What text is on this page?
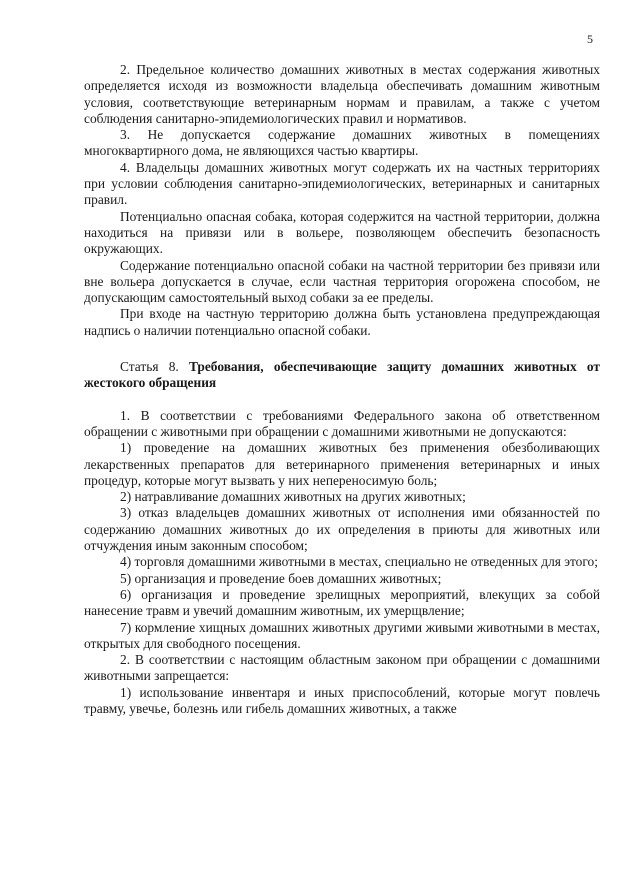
5

2. Предельное количество домашних животных в местах содержания животных определяется исходя из возможности владельца обеспечивать домашним животным условия, соответствующие ветеринарным нормам и правилам, а также с учетом соблюдения санитарно-эпидемиологических правил и нормативов.

3. Не допускается содержание домашних животных в помещениях многоквартирного дома, не являющихся частью квартиры.

4. Владельцы домашних животных могут содержать их на частных территориях при условии соблюдения санитарно-эпидемиологических, ветеринарных и санитарных правил.

Потенциально опасная собака, которая содержится на частной территории, должна находиться на привязи или в вольере, позволяющем обеспечить безопасность окружающих.

Содержание потенциально опасной собаки на частной территории без привязи или вне вольера допускается в случае, если частная территория огорожена способом, не допускающим самостоятельный выход собаки за ее пределы.

При входе на частную территорию должна быть установлена предупреждающая надпись о наличии потенциально опасной собаки.

Статья 8. Требования, обеспечивающие защиту домашних животных от жестокого обращения

1. В соответствии с требованиями Федерального закона об ответственном обращении с животными при обращении с домашними животными не допускаются:

1) проведение на домашних животных без применения обезболивающих лекарственных препаратов для ветеринарного применения ветеринарных и иных процедур, которые могут вызвать у них непереносимую боль;

2) натравливание домашних животных на других животных;

3) отказ владельцев домашних животных от исполнения ими обязанностей по содержанию домашних животных до их определения в приюты для животных или отчуждения иным законным способом;

4) торговля домашними животными в местах, специально не отведенных для этого;

5) организация и проведение боев домашних животных;

6) организация и проведение зрелищных мероприятий, влекущих за собой нанесение травм и увечий домашним животным, их умерщвление;

7) кормление хищных домашних животных другими живыми животными в местах, открытых для свободного посещения.

2. В соответствии с настоящим областным законом при обращении с домашними животными запрещается:

1) использование инвентаря и иных приспособлений, которые могут повлечь травму, увечье, болезнь или гибель домашних животных, а также
